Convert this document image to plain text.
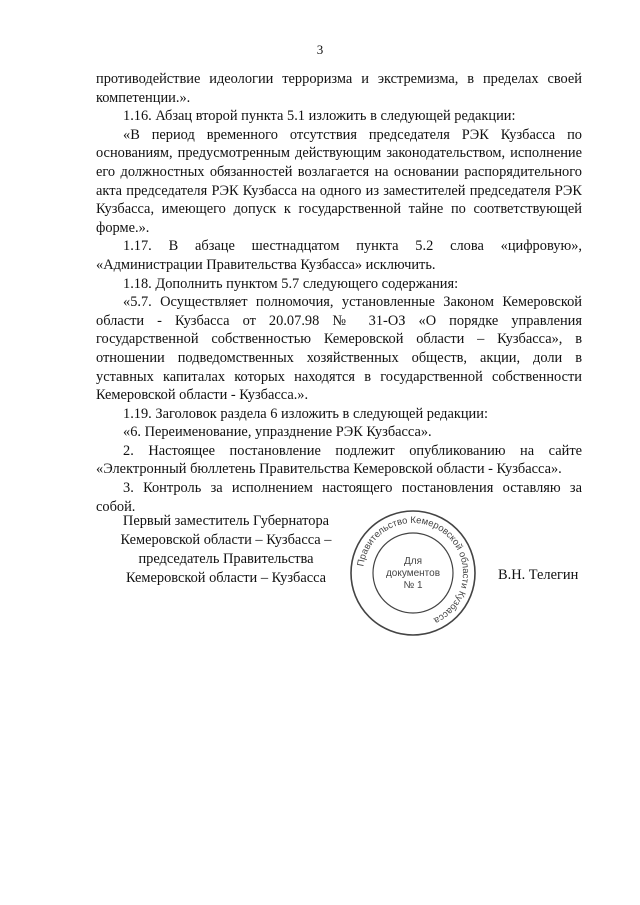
3

противодействие идеологии терроризма и экстремизма, в пределах своей компетенции.».

1.16. Абзац второй пункта 5.1 изложить в следующей редакции:

«В период временного отсутствия председателя РЭК Кузбасса по основаниям, предусмотренным действующим законодательством, исполнение его должностных обязанностей возлагается на основании распорядительного акта председателя РЭК Кузбасса на одного из заместителей председателя РЭК Кузбасса, имеющего допуск к государственной тайне по соответствующей форме.».

1.17. В абзаце шестнадцатом пункта 5.2 слова «цифровую», «Администрации Правительства Кузбасса» исключить.

1.18. Дополнить пунктом 5.7 следующего содержания:

«5.7. Осуществляет полномочия, установленные Законом Кемеровской области - Кузбасса от 20.07.98 № 31-ОЗ «О порядке управления государственной собственностью Кемеровской области – Кузбасса», в отношении подведомственных хозяйственных обществ, акции, доли в уставных капиталах которых находятся в государственной собственности Кемеровской области - Кузбасса.».

1.19. Заголовок раздела 6 изложить в следующей редакции:

«6. Переименование, упразднение РЭК Кузбасса».

2. Настоящее постановление подлежит опубликованию на сайте «Электронный бюллетень Правительства Кемеровской области - Кузбасса».

3. Контроль за исполнением настоящего постановления оставляю за собой.

Первый заместитель Губернатора
Кемеровской области – Кузбасса –
председатель Правительства
Кемеровской области – Кузбасса
Правительство Кемеровской области Кузбасса
Для
документов
№ 1
В.Н. Телегин
